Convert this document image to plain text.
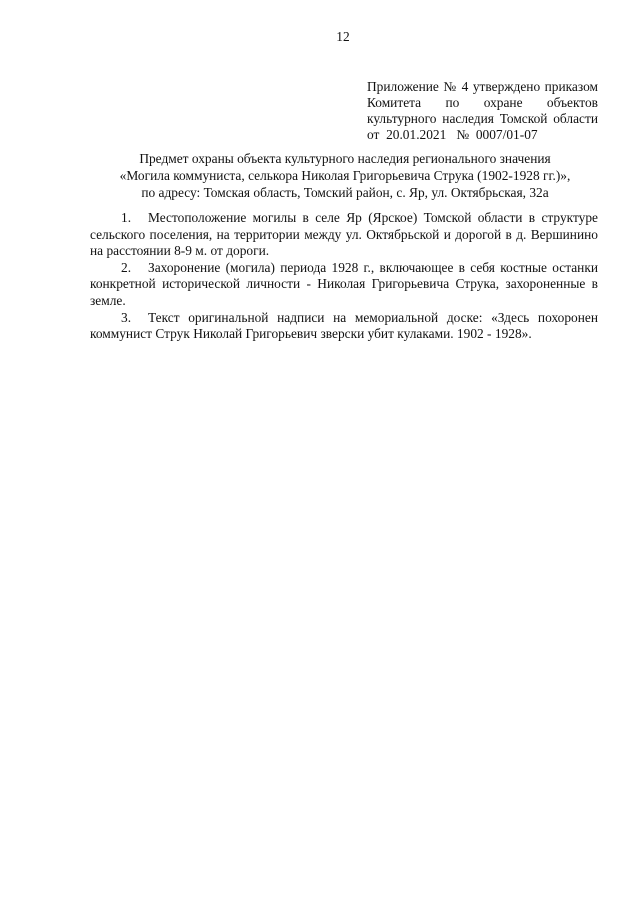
12
Приложение № 4 утверждено приказом
Комитета по охране объектов
культурного наследия Томской области
от  20.01.2021   №  0007/01-07
Предмет охраны объекта культурного наследия регионального значения
«Могила коммуниста, селькора Николая Григорьевича Струка (1902-1928 гг.)»,
по адресу: Томская область, Томский район, с. Яр, ул. Октябрьская, 32а
1. Местоположение могилы в селе Яр (Ярское) Томской области в структуре сельского поселения, на территории между ул. Октябрьской и дорогой в д. Вершинино на расстоянии 8-9 м. от дороги.
2. Захоронение (могила) периода 1928 г., включающее в себя костные останки конкретной исторической личности - Николая Григорьевича Струка, захороненные в земле.
3. Текст оригинальной надписи на мемориальной доске: «Здесь похоронен коммунист Струк Николай Григорьевич зверски убит кулаками. 1902 - 1928».
